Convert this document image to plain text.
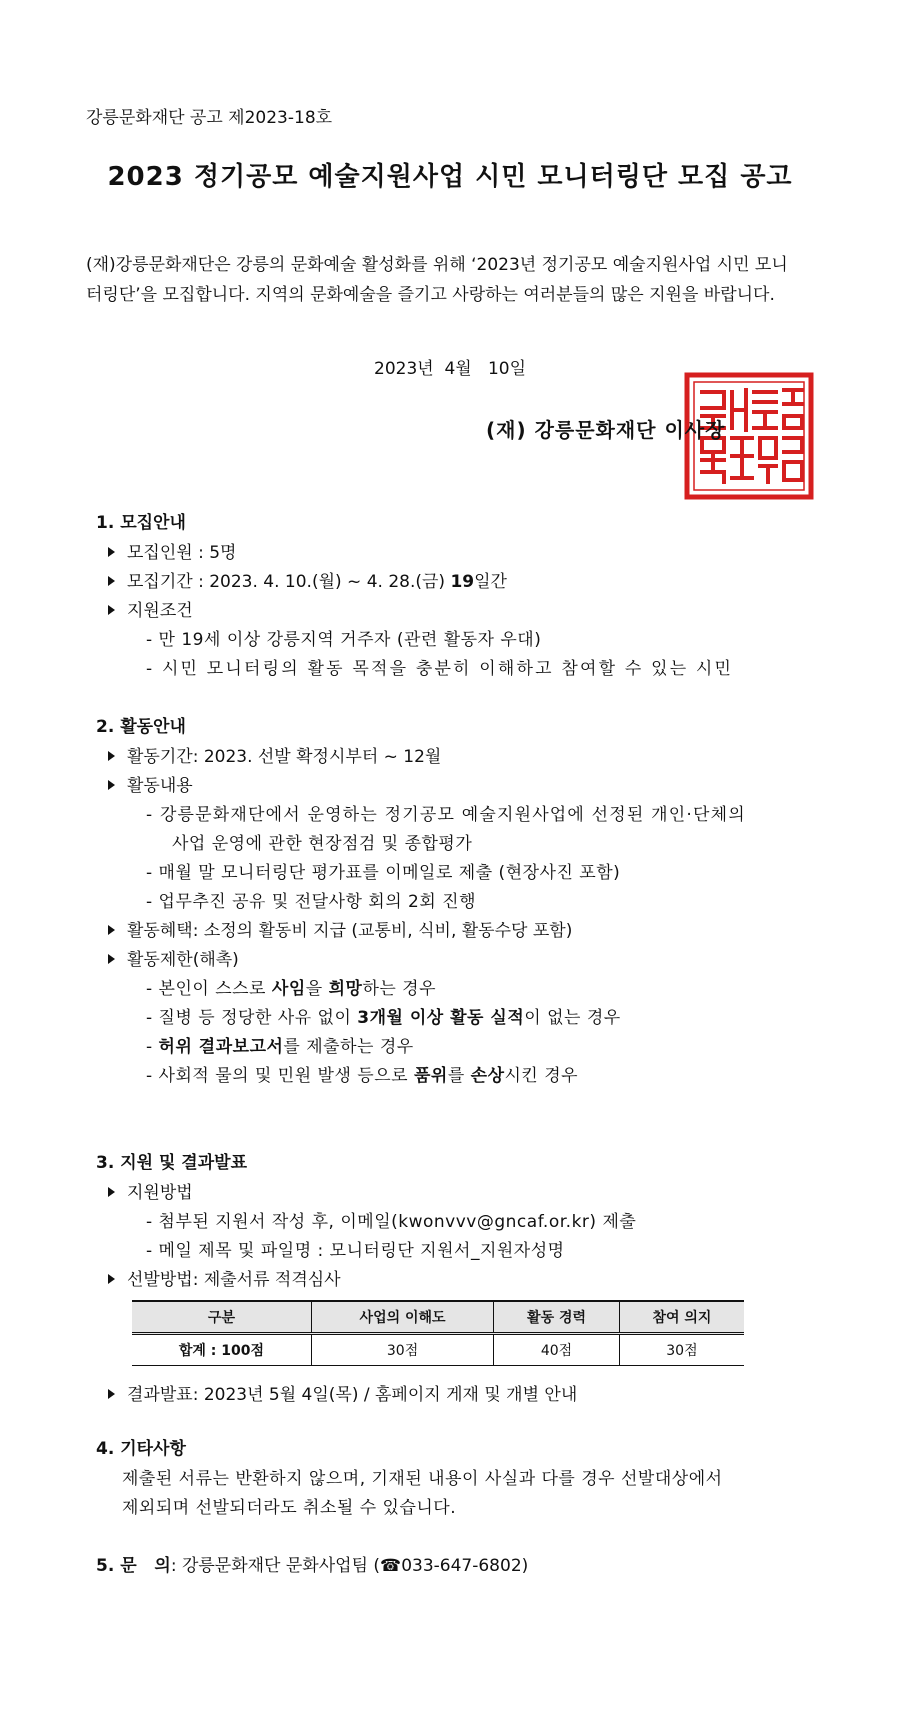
강릉문화재단 공고 제2023-18호
2023 정기공모 예술지원사업 시민 모니터링단 모집 공고
(재)강릉문화재단은 강릉의 문화예술 활성화를 위해 ‘2023년 정기공모 예술지원사업 시민 모니
터링단’을 모집합니다. 지역의 문화예술을 즐기고 사랑하는 여러분들의 많은 지원을 바랍니다.
2023년  4월   10일
(재) 강릉문화재단 이사장
1. 모집안내
모집인원 : 5명
모집기간 : 2023. 4. 10.(월) ~ 4. 28.(금) 19일간
지원조건
- 만 19세 이상 강릉지역 거주자 (관련 활동자 우대)
- 시민 모니터링의 활동 목적을 충분히 이해하고 참여할 수 있는 시민
2. 활동안내
활동기간: 2023. 선발 확정시부터 ~ 12월
활동내용
- 강릉문화재단에서 운영하는 정기공모 예술지원사업에 선정된 개인·단체의
사업 운영에 관한 현장점검 및 종합평가
- 매월 말 모니터링단 평가표를 이메일로 제출 (현장사진 포함)
- 업무추진 공유 및 전달사항 회의 2회 진행
활동혜택: 소정의 활동비 지급 (교통비, 식비, 활동수당 포함)
활동제한(해촉)
- 본인이 스스로 사임을 희망하는 경우
- 질병 등 정당한 사유 없이 3개월 이상 활동 실적이 없는 경우
- 허위 결과보고서를 제출하는 경우
- 사회적 물의 및 민원 발생 등으로 품위를 손상시킨 경우
3. 지원 및 결과발표
지원방법
- 첨부된 지원서 작성 후, 이메일(kwonvvv@gncaf.or.kr) 제출
- 메일 제목 및 파일명 : 모니터링단 지원서_지원자성명
선발방법: 제출서류 적격심사
구분	사업의 이해도	활동 경력	참여 의지
합계 : 100점	30점	40점	30점
결과발표: 2023년 5월 4일(목) / 홈페이지 게재 및 개별 안내
4. 기타사항
제출된 서류는 반환하지 않으며, 기재된 내용이 사실과 다를 경우 선발대상에서
제외되며 선발되더라도 취소될 수 있습니다.
5. 문   의: 강릉문화재단 문화사업팀 (☎033-647-6802)
